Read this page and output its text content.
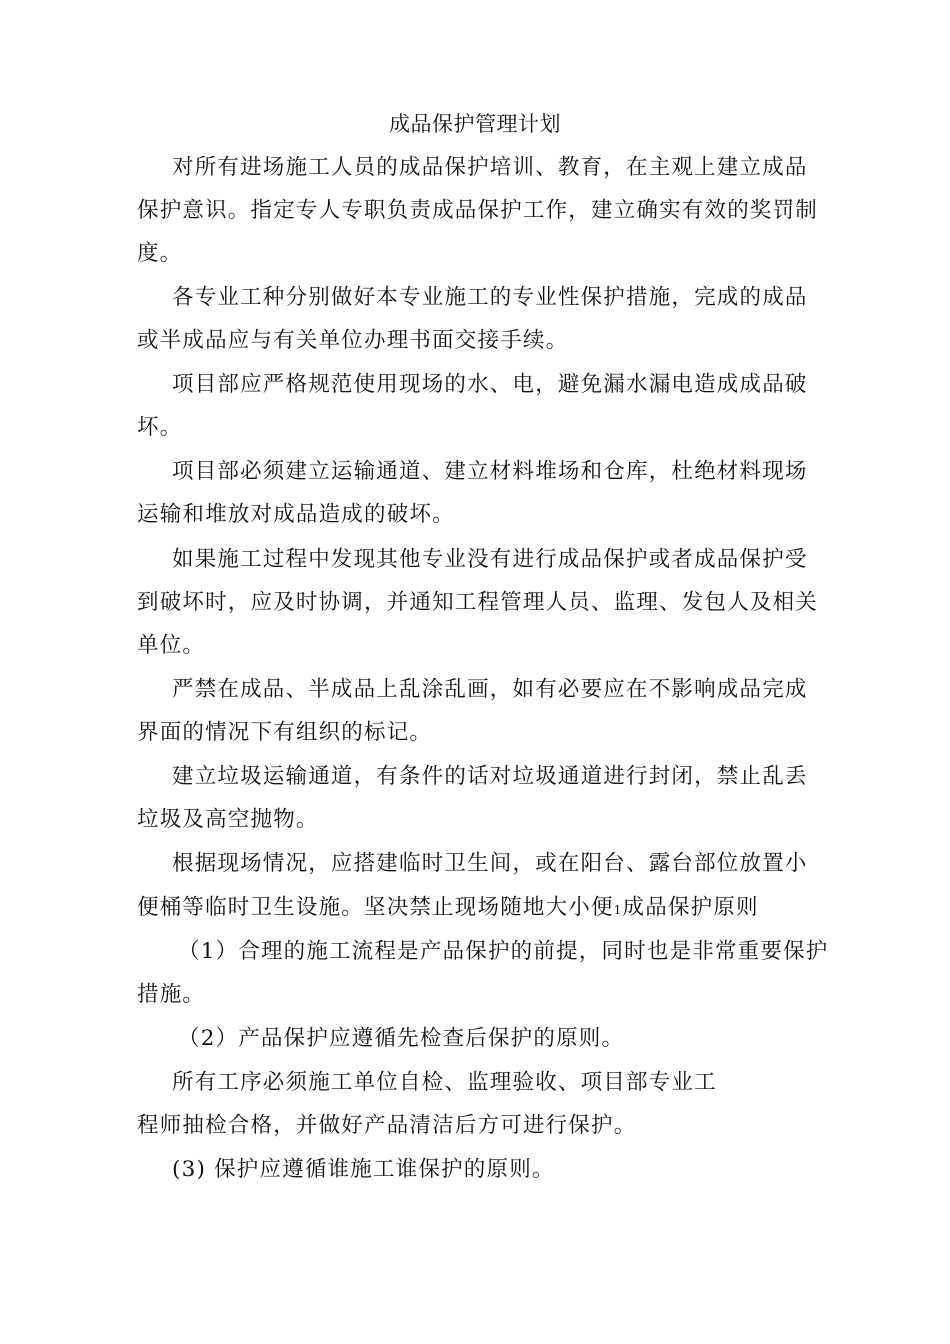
成品保护管理计划
对所有进场施工人员的成品保护培训、教育，在主观上建立成品
保护意识。指定专人专职负责成品保护工作，建立确实有效的奖罚制
度。
各专业工种分别做好本专业施工的专业性保护措施，完成的成品
或半成品应与有关单位办理书面交接手续。
项目部应严格规范使用现场的水、电，避免漏水漏电造成成品破
坏。
项目部必须建立运输通道、建立材料堆场和仓库，杜绝材料现场
运输和堆放对成品造成的破坏。
如果施工过程中发现其他专业没有进行成品保护或者成品保护受
到破坏时，应及时协调，并通知工程管理人员、监理、发包人及相关
单位。
严禁在成品、半成品上乱涂乱画，如有必要应在不影响成品完成
界面的情况下有组织的标记。
建立垃圾运输通道，有条件的话对垃圾通道进行封闭，禁止乱丢
垃圾及高空抛物。
根据现场情况，应搭建临时卫生间，或在阳台、露台部位放置小
便桶等临时卫生设施。坚决禁止现场随地大小便1成品保护原则
（1）合理的施工流程是产品保护的前提，同时也是非常重要保护
措施。
（2）产品保护应遵循先检查后保护的原则。
所有工序必须施工单位自检、监理验收、项目部专业工
程师抽检合格，并做好产品清洁后方可进行保护。
(3) 保护应遵循谁施工谁保护的原则。
